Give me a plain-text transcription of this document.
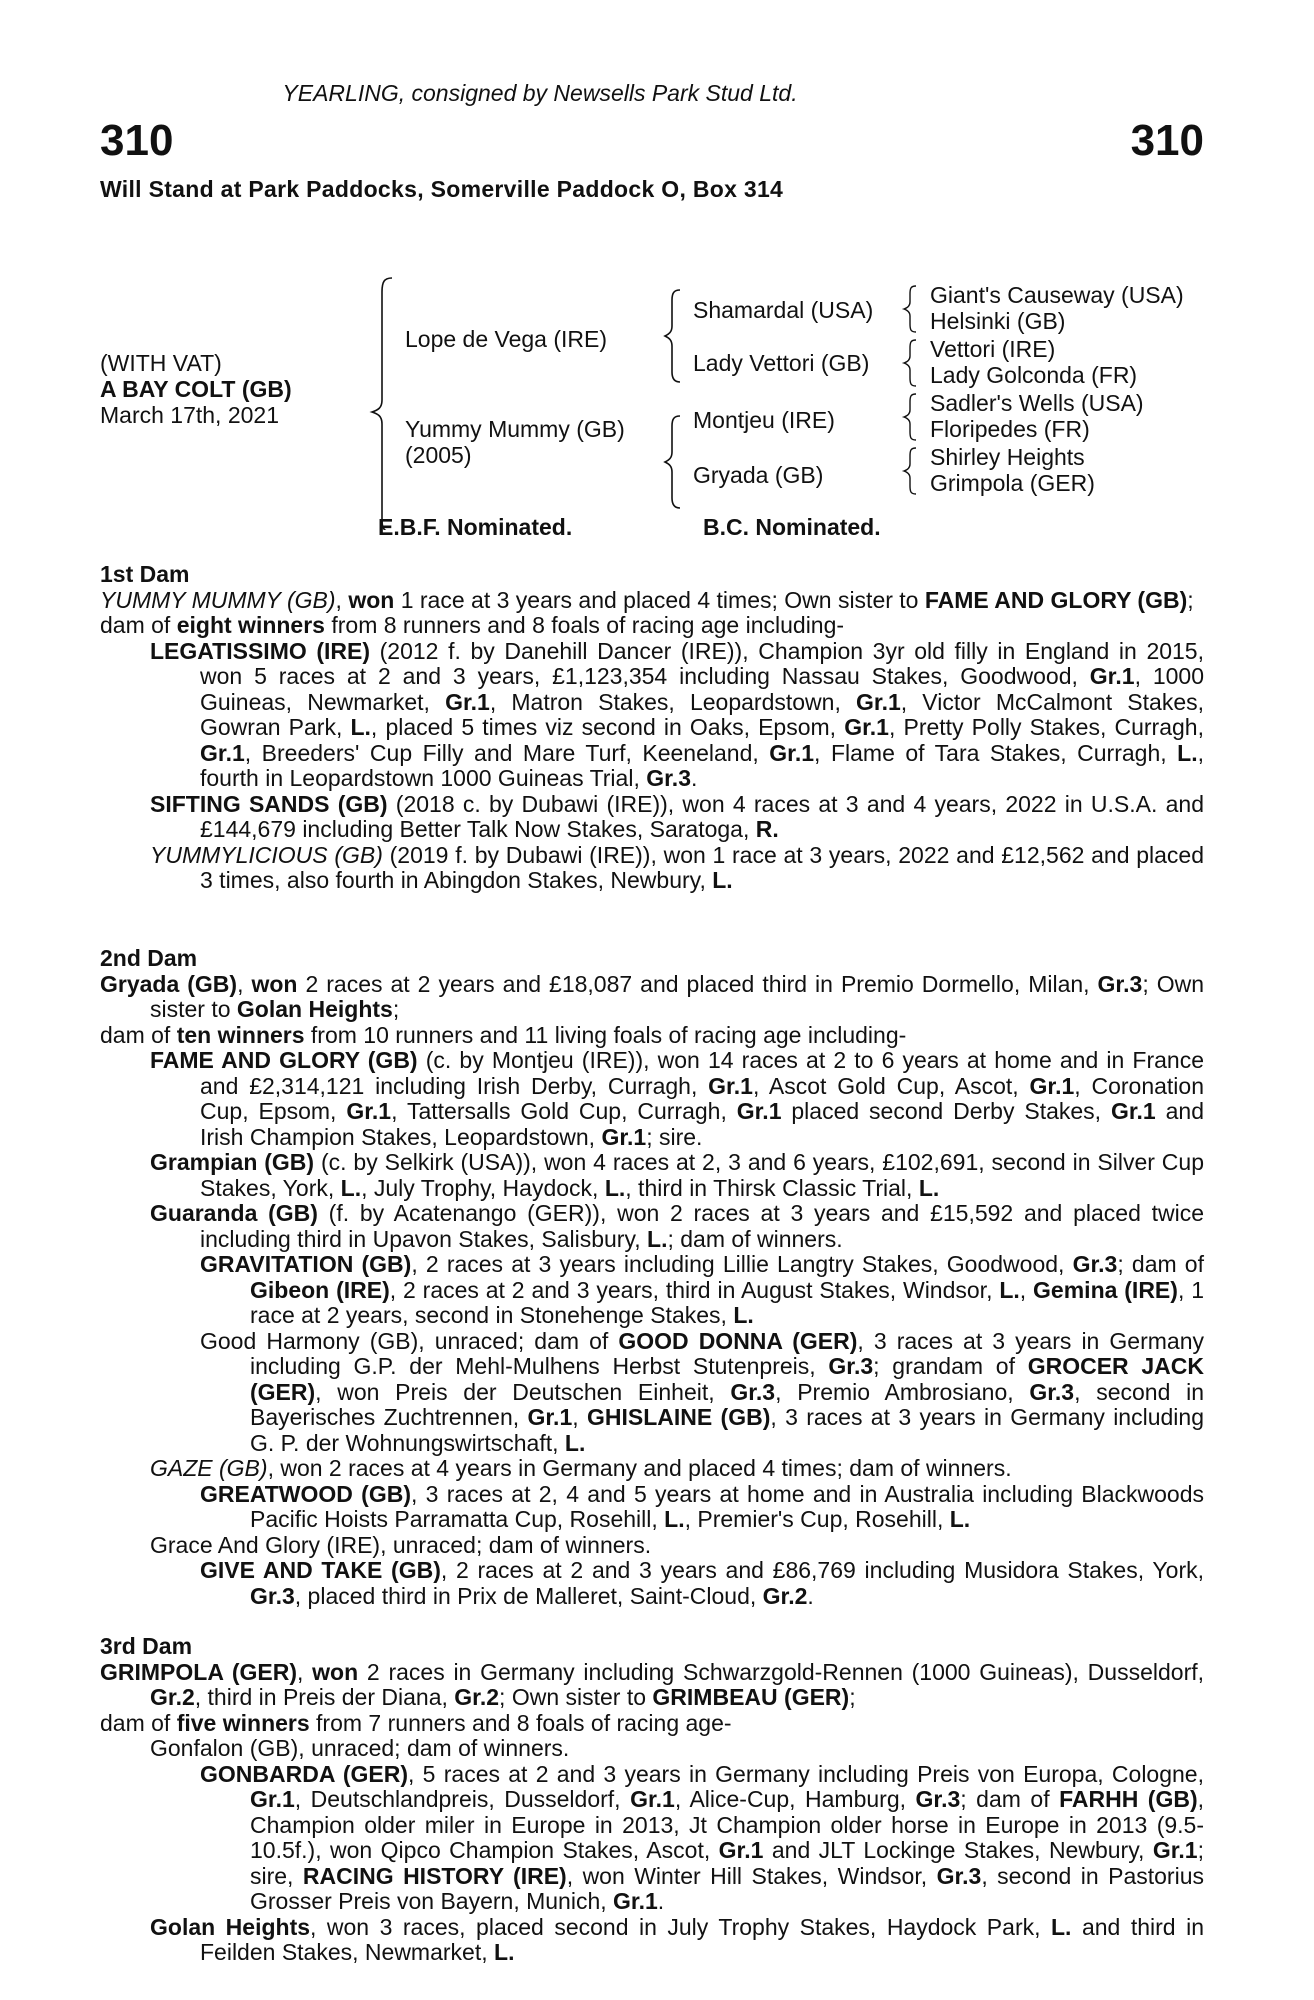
YEARLING, consigned by Newsells Park Stud Ltd.
310	310
Will Stand at Park Paddocks, Somerville Paddock O, Box 314
(WITH VAT)
A BAY COLT (GB)
March 17th, 2021
Lope de Vega (IRE)
Yummy Mummy (GB)
(2005)
Shamardal (USA)
Lady Vettori (GB)
Montjeu (IRE)
Gryada (GB)
Giant's Causeway (USA)
Helsinki (GB)
Vettori (IRE)
Lady Golconda (FR)
Sadler's Wells (USA)
Floripedes (FR)
Shirley Heights
Grimpola (GER)
E.B.F. Nominated.	B.C. Nominated.
1st Dam

YUMMY MUMMY (GB), won 1 race at 3 years and placed 4 times; Own sister to FAME AND GLORY (GB);

dam of eight winners from 8 runners and 8 foals of racing age including-

LEGATISSIMO (IRE) (2012 f. by Danehill Dancer (IRE)), Champion 3yr old filly in England in 2015, won 5 races at 2 and 3 years, £1,123,354 including Nassau Stakes, Goodwood, Gr.1, 1000 Guineas, Newmarket, Gr.1, Matron Stakes, Leopardstown, Gr.1, Victor McCalmont Stakes, Gowran Park, L., placed 5 times viz second in Oaks, Epsom, Gr.1, Pretty Polly Stakes, Curragh, Gr.1, Breeders' Cup Filly and Mare Turf, Keeneland, Gr.1, Flame of Tara Stakes, Curragh, L., fourth in Leopardstown 1000 Guineas Trial, Gr.3.

SIFTING SANDS (GB) (2018 c. by Dubawi (IRE)), won 4 races at 3 and 4 years, 2022 in U.S.A. and £144,679 including Better Talk Now Stakes, Saratoga, R.

YUMMYLICIOUS (GB) (2019 f. by Dubawi (IRE)), won 1 race at 3 years, 2022 and £12,562 and placed 3 times, also fourth in Abingdon Stakes, Newbury, L.

2nd Dam

Gryada (GB), won 2 races at 2 years and £18,087 and placed third in Premio Dormello, Milan, Gr.3; Own sister to Golan Heights;

dam of ten winners from 10 runners and 11 living foals of racing age including-

FAME AND GLORY (GB) (c. by Montjeu (IRE)), won 14 races at 2 to 6 years at home and in France and £2,314,121 including Irish Derby, Curragh, Gr.1, Ascot Gold Cup, Ascot, Gr.1, Coronation Cup, Epsom, Gr.1, Tattersalls Gold Cup, Curragh, Gr.1 placed second Derby Stakes, Gr.1 and Irish Champion Stakes, Leopardstown, Gr.1; sire.

Grampian (GB) (c. by Selkirk (USA)), won 4 races at 2, 3 and 6 years, £102,691, second in Silver Cup Stakes, York, L., July Trophy, Haydock, L., third in Thirsk Classic Trial, L.

Guaranda (GB) (f. by Acatenango (GER)), won 2 races at 3 years and £15,592 and placed twice including third in Upavon Stakes, Salisbury, L.; dam of winners.

GRAVITATION (GB), 2 races at 3 years including Lillie Langtry Stakes, Goodwood, Gr.3; dam of Gibeon (IRE), 2 races at 2 and 3 years, third in August Stakes, Windsor, L., Gemina (IRE), 1 race at 2 years, second in Stonehenge Stakes, L.

Good Harmony (GB), unraced; dam of GOOD DONNA (GER), 3 races at 3 years in Germany including G.P. der Mehl-Mulhens Herbst Stutenpreis, Gr.3; grandam of GROCER JACK (GER), won Preis der Deutschen Einheit, Gr.3, Premio Ambrosiano, Gr.3, second in Bayerisches Zuchtrennen, Gr.1, GHISLAINE (GB), 3 races at 3 years in Germany including G. P. der Wohnungswirtschaft, L.

GAZE (GB), won 2 races at 4 years in Germany and placed 4 times; dam of winners.

GREATWOOD (GB), 3 races at 2, 4 and 5 years at home and in Australia including Blackwoods Pacific Hoists Parramatta Cup, Rosehill, L., Premier's Cup, Rosehill, L.

Grace And Glory (IRE), unraced; dam of winners.

GIVE AND TAKE (GB), 2 races at 2 and 3 years and £86,769 including Musidora Stakes, York, Gr.3, placed third in Prix de Malleret, Saint-Cloud, Gr.2.

3rd Dam

GRIMPOLA (GER), won 2 races in Germany including Schwarzgold-Rennen (1000 Guineas), Dusseldorf, Gr.2, third in Preis der Diana, Gr.2; Own sister to GRIMBEAU (GER);

dam of five winners from 7 runners and 8 foals of racing age-

Gonfalon (GB), unraced; dam of winners.

GONBARDA (GER), 5 races at 2 and 3 years in Germany including Preis von Europa, Cologne, Gr.1, Deutschlandpreis, Dusseldorf, Gr.1, Alice-Cup, Hamburg, Gr.3; dam of FARHH (GB), Champion older miler in Europe in 2013, Jt Champion older horse in Europe in 2013 (9.5-10.5f.), won Qipco Champion Stakes, Ascot, Gr.1 and JLT Lockinge Stakes, Newbury, Gr.1; sire, RACING HISTORY (IRE), won Winter Hill Stakes, Windsor, Gr.3, second in Pastorius Grosser Preis von Bayern, Munich, Gr.1.

Golan Heights, won 3 races, placed second in July Trophy Stakes, Haydock Park, L. and third in Feilden Stakes, Newmarket, L.
